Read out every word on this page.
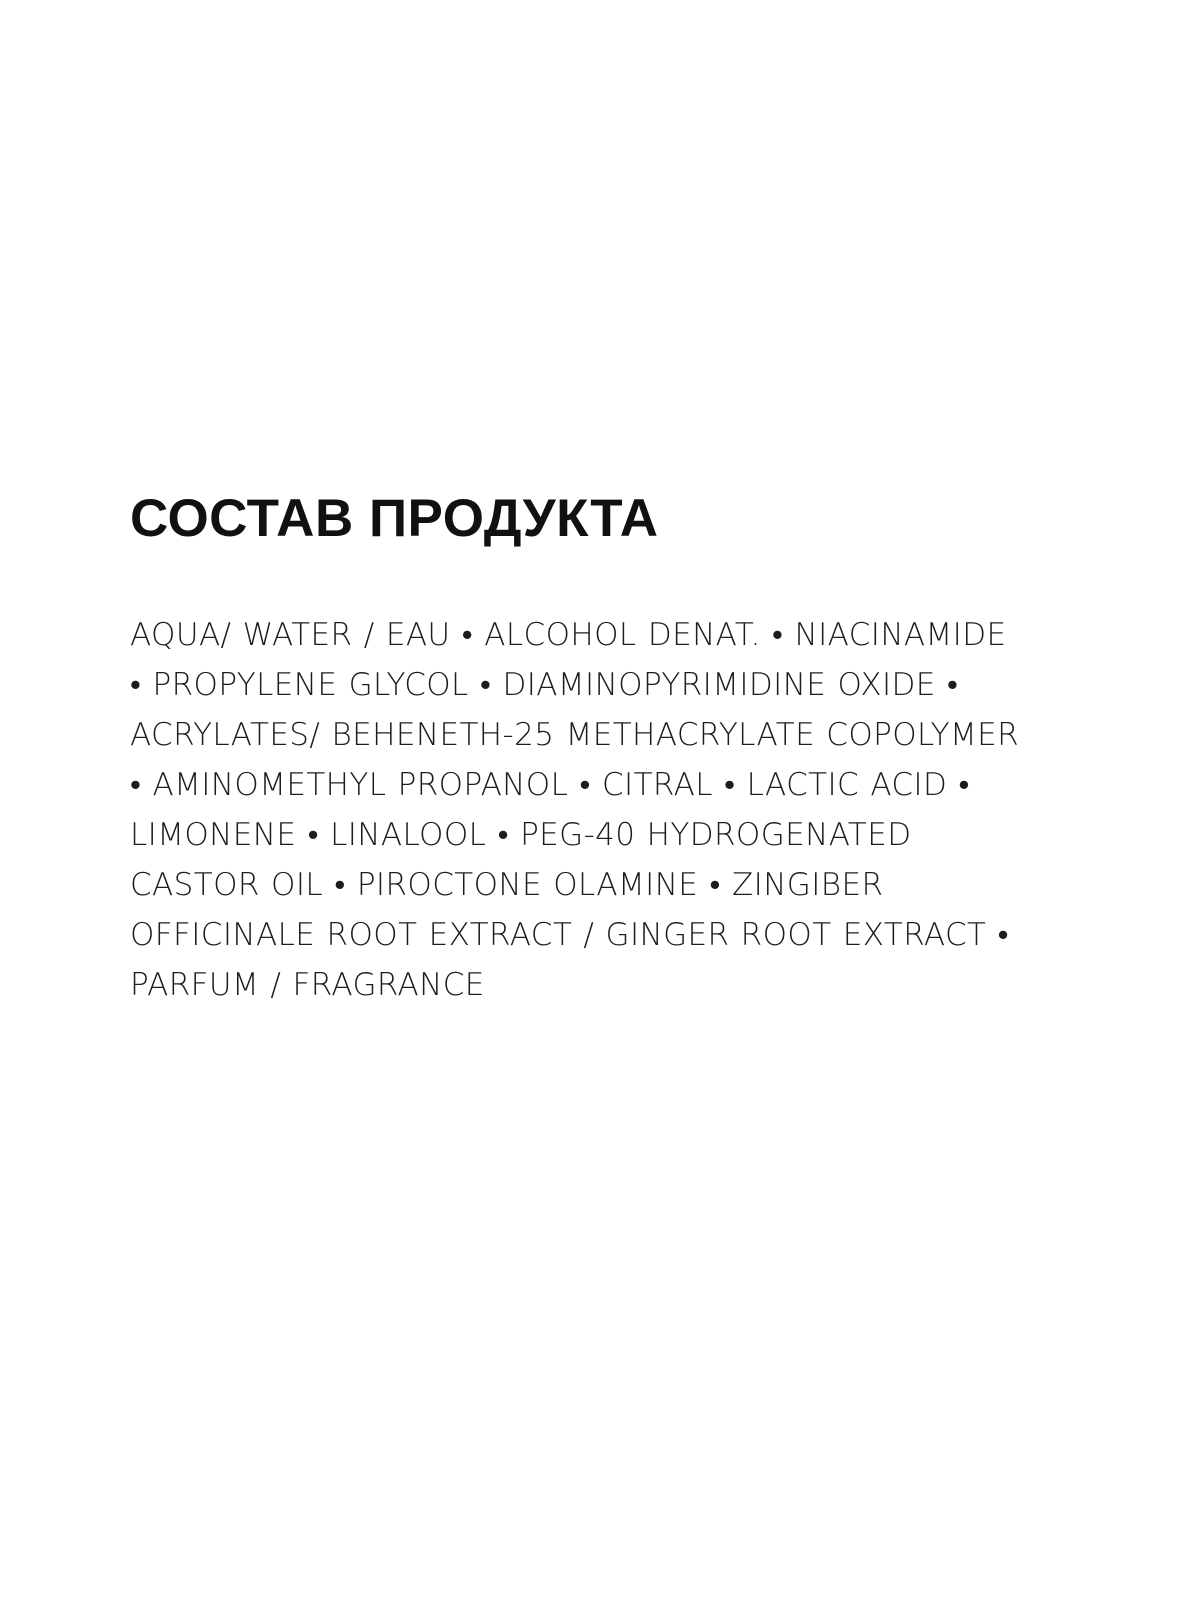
СОСТАВ ПРОДУКТА

AQUA/ WATER / EAU • ALCOHOL DENAT. • NIACINAMIDE • PROPYLENE GLYCOL • DIAMINOPYRIMIDINE OXIDE • ACRYLATES/ BEHENETH-25 METHACRYLATE COPOLYMER • AMINOMETHYL PROPANOL • CITRAL • LACTIC ACID • LIMONENE • LINALOOL • PEG-40 HYDROGENATED CASTOR OIL • PIROCTONE OLAMINE • ZINGIBER OFFICINALE ROOT EXTRACT / GINGER ROOT EXTRACT • PARFUM / FRAGRANCE
